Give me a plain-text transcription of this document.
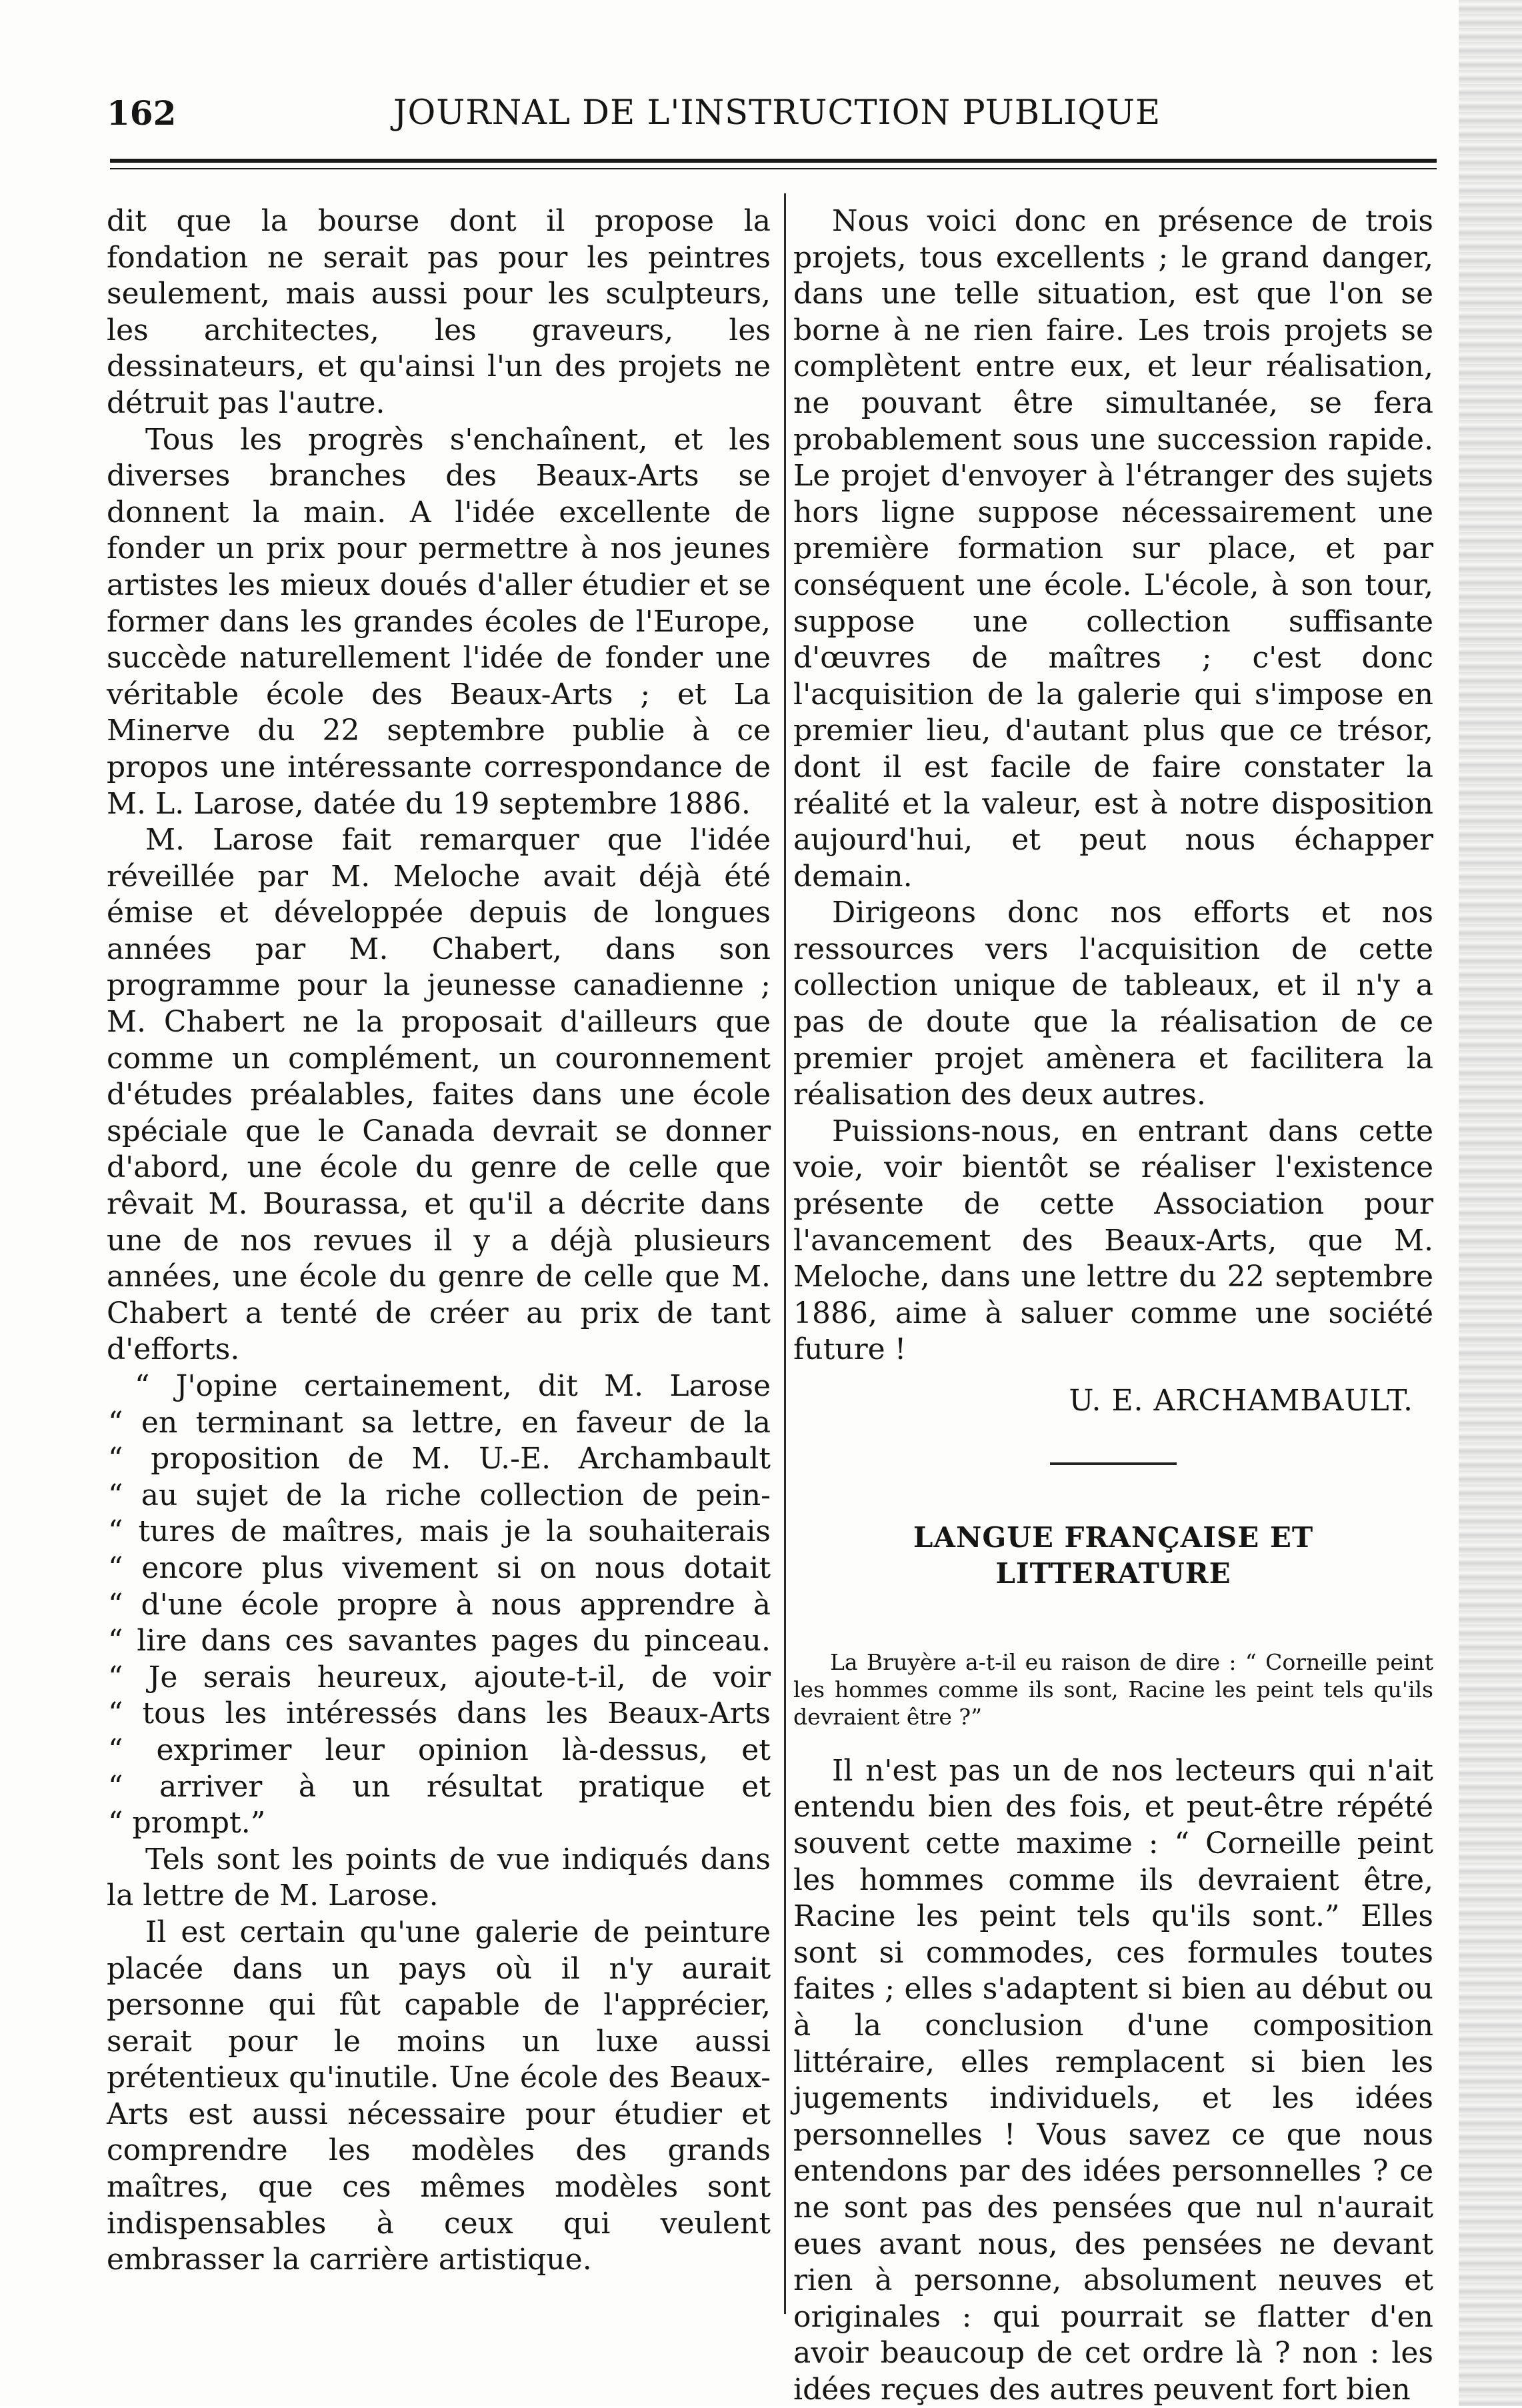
162	JOURNAL DE L'INSTRUCTION PUBLIQUE

dit que la bourse dont il propose la fondation ne serait pas pour les peintres seulement, mais aussi pour les sculpteurs, les architectes, les graveurs, les dessinateurs, et qu'ainsi l'un des projets ne détruit pas l'autre.

Tous les progrès s'enchaînent, et les diverses branches des Beaux-Arts se donnent la main. A l'idée excellente de fonder un prix pour permettre à nos jeunes artistes les mieux doués d'aller étudier et se former dans les grandes écoles de l'Europe, succède naturellement l'idée de fonder une véritable école des Beaux-Arts ; et La Minerve du 22 septembre publie à ce propos une intéressante correspondance de M. L. Larose, datée du 19 septembre 1886.

M. Larose fait remarquer que l'idée réveillée par M. Meloche avait déjà été émise et développée depuis de longues années par M. Chabert, dans son programme pour la jeunesse canadienne ; M. Chabert ne la proposait d'ailleurs que comme un complément, un couronnement d'études préalables, faites dans une école spéciale que le Canada devrait se donner d'abord, une école du genre de celle que rêvait M. Bourassa, et qu'il a décrite dans une de nos revues il y a déjà plusieurs années, une école du genre de celle que M. Chabert a tenté de créer au prix de tant d'efforts.

“ J'opine certainement, dit M. Larose

“ en terminant sa lettre, en faveur de la

“ proposition de M. U.-E. Archambault

“ au sujet de la riche collection de pein-

“ tures de maîtres, mais je la souhaiterais

“ encore plus vivement si on nous dotait

“ d'une école propre à nous apprendre à

“ lire dans ces savantes pages du pinceau.

“ Je serais heureux, ajoute-t-il, de voir

“ tous les intéressés dans les Beaux-Arts

“ exprimer leur opinion là-dessus, et

“ arriver à un résultat pratique et

“ prompt.”

Tels sont les points de vue indiqués dans la lettre de M. Larose.

Il est certain qu'une galerie de peinture placée dans un pays où il n'y aurait personne qui fût capable de l'apprécier, serait pour le moins un luxe aussi prétentieux qu'inutile. Une école des Beaux-Arts est aussi nécessaire pour étudier et comprendre les modèles des grands maîtres, que ces mêmes modèles sont indispensables à ceux qui veulent embrasser la carrière artistique.

Nous voici donc en présence de trois projets, tous excellents ; le grand danger, dans une telle situation, est que l'on se borne à ne rien faire. Les trois projets se complètent entre eux, et leur réalisation, ne pouvant être simultanée, se fera probablement sous une succession rapide. Le projet d'envoyer à l'étranger des sujets hors ligne suppose nécessairement une première formation sur place, et par conséquent une école. L'école, à son tour, suppose une collection suffisante d'œuvres de maîtres ; c'est donc l'acquisition de la galerie qui s'impose en premier lieu, d'autant plus que ce trésor, dont il est facile de faire constater la réalité et la valeur, est à notre disposition aujourd'hui, et peut nous échapper demain.

Dirigeons donc nos efforts et nos ressources vers l'acquisition de cette collection unique de tableaux, et il n'y a pas de doute que la réalisation de ce premier projet amènera et facilitera la réalisation des deux autres.

Puissions-nous, en entrant dans cette voie, voir bientôt se réaliser l'existence présente de cette Association pour l'avancement des Beaux-Arts, que M. Meloche, dans une lettre du 22 septembre 1886, aime à saluer comme une société future !

U. E. ARCHAMBAULT.

LANGUE FRANÇAISE ET LITTERATURE

La Bruyère a-t-il eu raison de dire : “ Corneille peint les hommes comme ils sont, Racine les peint tels qu'ils devraient être ?”

Il n'est pas un de nos lecteurs qui n'ait entendu bien des fois, et peut-être répété souvent cette maxime : “ Corneille peint les hommes comme ils devraient être, Racine les peint tels qu'ils sont.” Elles sont si commodes, ces formules toutes faites ; elles s'adaptent si bien au début ou à la conclusion d'une composition littéraire, elles remplacent si bien les jugements individuels, et les idées personnelles ! Vous savez ce que nous entendons par des idées personnelles ? ce ne sont pas des pensées que nul n'aurait eues avant nous, des pensées ne devant rien à personne, absolument neuves et originales : qui pourrait se flatter d'en avoir beaucoup de cet ordre là ? non : les idées reçues des autres peuvent fort bien
